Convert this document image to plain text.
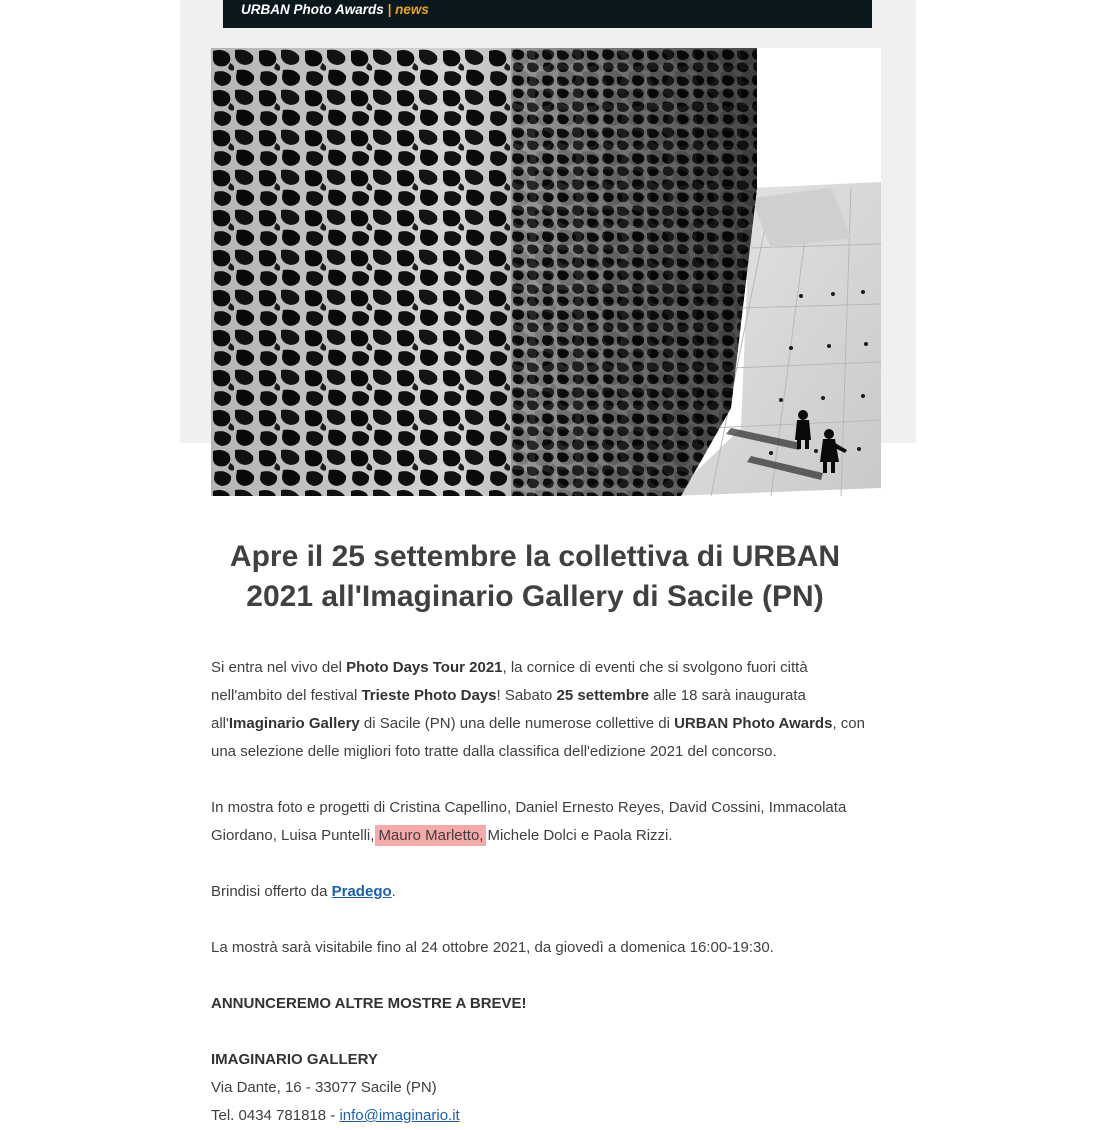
URBAN Photo Awards | news
Apre il 25 settembre la collettiva di URBAN 2021 all'Imaginario Gallery di Sacile (PN)

Si entra nel vivo del Photo Days Tour 2021, la cornice di eventi che si svolgono fuori città nell'ambito del festival Trieste Photo Days! Sabato 25 settembre alle 18 sarà inaugurata all'Imaginario Gallery di Sacile (PN) una delle numerose collettive di URBAN Photo Awards, con una selezione delle migliori foto tratte dalla classifica dell'edizione 2021 del concorso.

In mostra foto e progetti di Cristina Capellino, Daniel Ernesto Reyes, David Cossini, Immacolata Giordano, Luisa Puntelli, Mauro Marletto, Michele Dolci e Paola Rizzi.

Brindisi offerto da Pradego.

La mostrà sarà visitabile fino al 24 ottobre 2021, da giovedì a domenica 16:00-19:30.

ANNUNCEREMO ALTRE MOSTRE A BREVE!

IMAGINARIO GALLERY
Via Dante, 16 - 33077 Sacile (PN)
Tel. 0434 781818 - info@imaginario.it
